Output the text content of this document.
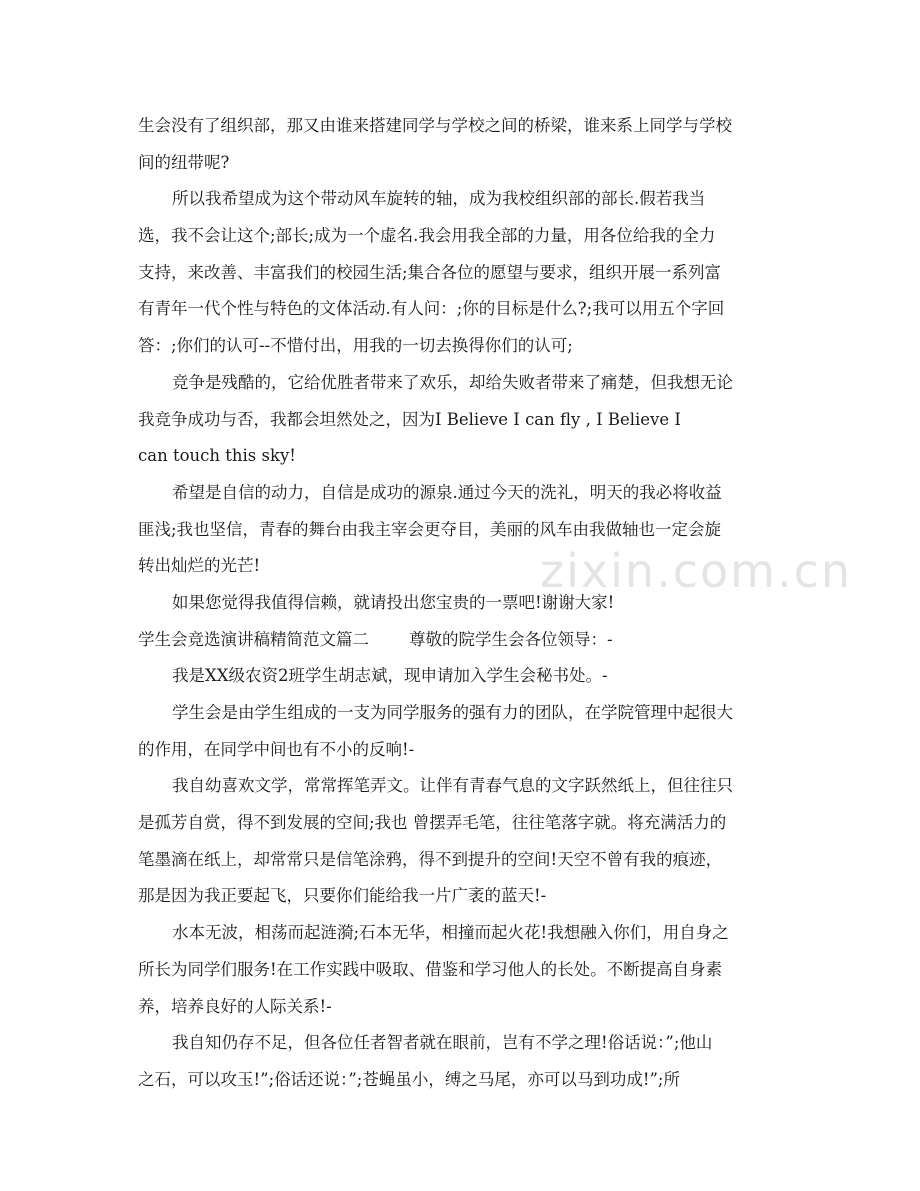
zixin.com.cn
生会没有了组织部，那又由谁来搭建同学与学校之间的桥梁，谁来系上同学与学校
间的纽带呢?
所以我希望成为这个带动风车旋转的轴，成为我校组织部的部长.假若我当
选，我不会让这个;部长;成为一个虚名.我会用我全部的力量，用各位给我的全力
支持，来改善、丰富我们的校园生活;集合各位的愿望与要求，组织开展一系列富
有青年一代个性与特色的文体活动.有人问：;你的目标是什么?;我可以用五个字回
答：;你们的认可--不惜付出，用我的一切去换得你们的认可;
竞争是残酷的，它给优胜者带来了欢乐，却给失败者带来了痛楚，但我想无论
我竞争成功与否，我都会坦然处之，因为I Believe I can fly , I Believe I
can touch this sky!
希望是自信的动力，自信是成功的源泉.通过今天的洗礼，明天的我必将收益
匪浅;我也坚信，青春的舞台由我主宰会更夺目，美丽的风车由我做轴也一定会旋
转出灿烂的光芒!
如果您觉得我值得信赖，就请投出您宝贵的一票吧!谢谢大家!
学生会竞选演讲稿精简范文篇二 尊敬的院学生会各位领导：-
我是XX级农资2班学生胡志斌，现申请加入学生会秘书处。-
学生会是由学生组成的一支为同学服务的强有力的团队，在学院管理中起很大
的作用，在同学中间也有不小的反响!-
我自幼喜欢文学，常常挥笔弄文。让伴有青春气息的文字跃然纸上，但往往只
是孤芳自赏，得不到发展的空间;我也 曾摆弄毛笔，往往笔落字就。将充满活力的
笔墨滴在纸上，却常常只是信笔涂鸦，得不到提升的空间!天空不曾有我的痕迹，
那是因为我正要起飞，只要你们能给我一片广袤的蓝天!-
水本无波，相荡而起涟漪;石本无华，相撞而起火花!我想融入你们，用自身之
所长为同学们服务!在工作实践中吸取、借鉴和学习他人的长处。不断提高自身素
养，培养良好的人际关系!-
我自知仍存不足，但各位任者智者就在眼前，岂有不学之理!俗话说：”;他山
之石，可以攻玉!”;俗话还说：”;苍蝇虽小，缚之马尾，亦可以马到功成!”;所
